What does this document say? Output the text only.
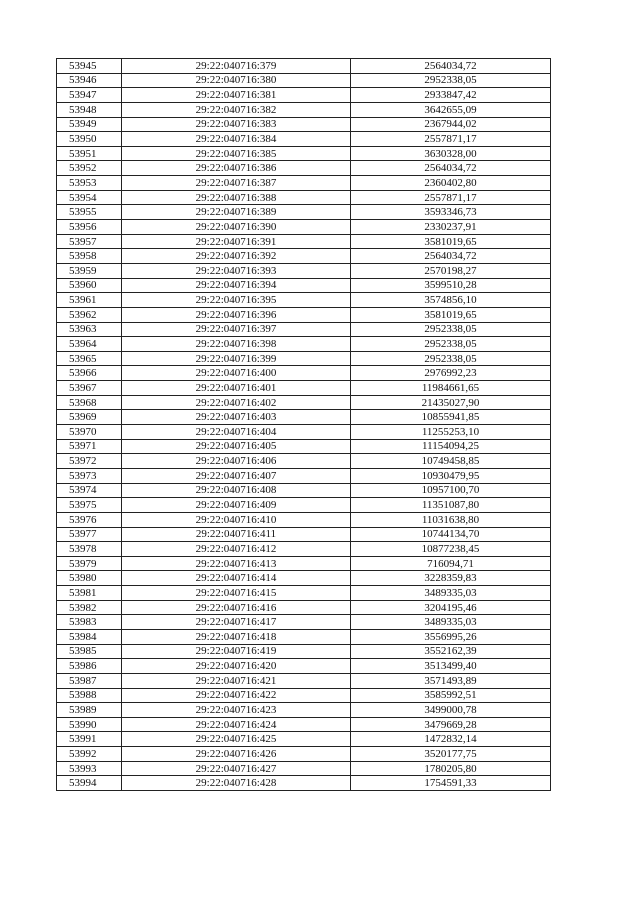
53945	29:22:040716:379	2564034,72
53946	29:22:040716:380	2952338,05
53947	29:22:040716:381	2933847,42
53948	29:22:040716:382	3642655,09
53949	29:22:040716:383	2367944,02
53950	29:22:040716:384	2557871,17
53951	29:22:040716:385	3630328,00
53952	29:22:040716:386	2564034,72
53953	29:22:040716:387	2360402,80
53954	29:22:040716:388	2557871,17
53955	29:22:040716:389	3593346,73
53956	29:22:040716:390	2330237,91
53957	29:22:040716:391	3581019,65
53958	29:22:040716:392	2564034,72
53959	29:22:040716:393	2570198,27
53960	29:22:040716:394	3599510,28
53961	29:22:040716:395	3574856,10
53962	29:22:040716:396	3581019,65
53963	29:22:040716:397	2952338,05
53964	29:22:040716:398	2952338,05
53965	29:22:040716:399	2952338,05
53966	29:22:040716:400	2976992,23
53967	29:22:040716:401	11984661,65
53968	29:22:040716:402	21435027,90
53969	29:22:040716:403	10855941,85
53970	29:22:040716:404	11255253,10
53971	29:22:040716:405	11154094,25
53972	29:22:040716:406	10749458,85
53973	29:22:040716:407	10930479,95
53974	29:22:040716:408	10957100,70
53975	29:22:040716:409	11351087,80
53976	29:22:040716:410	11031638,80
53977	29:22:040716:411	10744134,70
53978	29:22:040716:412	10877238,45
53979	29:22:040716:413	716094,71
53980	29:22:040716:414	3228359,83
53981	29:22:040716:415	3489335,03
53982	29:22:040716:416	3204195,46
53983	29:22:040716:417	3489335,03
53984	29:22:040716:418	3556995,26
53985	29:22:040716:419	3552162,39
53986	29:22:040716:420	3513499,40
53987	29:22:040716:421	3571493,89
53988	29:22:040716:422	3585992,51
53989	29:22:040716:423	3499000,78
53990	29:22:040716:424	3479669,28
53991	29:22:040716:425	1472832,14
53992	29:22:040716:426	3520177,75
53993	29:22:040716:427	1780205,80
53994	29:22:040716:428	1754591,33
